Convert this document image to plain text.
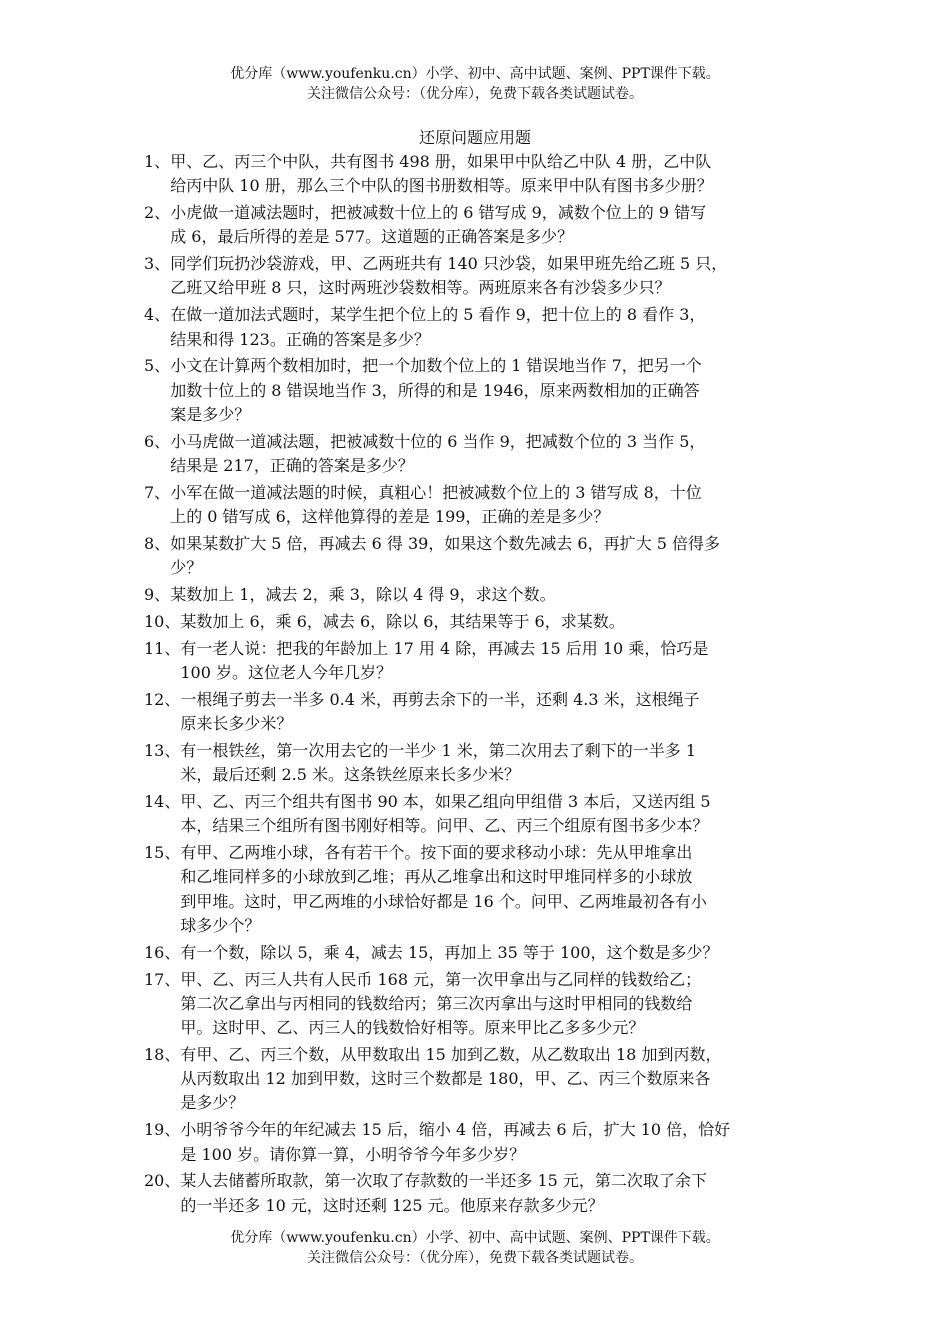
优分库（www.youfenku.cn）小学、初中、高中试题、案例、PPT课件下载。
关注微信公众号：（优分库），免费下载各类试题试卷。
还原问题应用题
1、 甲、乙、丙三个中队，共有图书 498 册，如果甲中队给乙中队 4 册，乙中队
给丙中队 10 册，那么三个中队的图书册数相等。原来甲中队有图书多少册？
2、 小虎做一道减法题时，把被减数十位上的 6 错写成 9，减数个位上的 9 错写
成 6，最后所得的差是 577。这道题的正确答案是多少？
3、 同学们玩扔沙袋游戏，甲、乙两班共有 140 只沙袋，如果甲班先给乙班 5 只，
乙班又给甲班 8 只，这时两班沙袋数相等。两班原来各有沙袋多少只？
4、 在做一道加法式题时，某学生把个位上的 5 看作 9，把十位上的 8 看作 3，
结果和得 123。正确的答案是多少？
5、 小文在计算两个数相加时，把一个加数个位上的 1 错误地当作 7，把另一个
加数十位上的 8 错误地当作 3，所得的和是 1946，原来两数相加的正确答
案是多少？
6、 小马虎做一道减法题，把被减数十位的 6 当作 9，把减数个位的 3 当作 5，
结果是 217，正确的答案是多少？
7、 小军在做一道减法题的时候，真粗心！把被减数个位上的 3 错写成 8，十位
上的 0 错写成 6，这样他算得的差是 199，正确的差是多少？
8、 如果某数扩大 5 倍，再减去 6 得 39，如果这个数先减去 6，再扩大 5 倍得多
少？
9、 某数加上 1，减去 2，乘 3，除以 4 得 9，求这个数。
10、 某数加上 6，乘 6，减去 6，除以 6，其结果等于 6，求某数。
11、 有一老人说：把我的年龄加上 17 用 4 除，再减去 15 后用 10 乘，恰巧是
100 岁。这位老人今年几岁？
12、 一根绳子剪去一半多 0.4 米，再剪去余下的一半，还剩 4.3 米，这根绳子
原来长多少米？
13、 有一根铁丝，第一次用去它的一半少 1 米，第二次用去了剩下的一半多 1
米，最后还剩 2.5 米。这条铁丝原来长多少米？
14、 甲、乙、丙三个组共有图书 90 本，如果乙组向甲组借 3 本后，又送丙组 5
本，结果三个组所有图书刚好相等。问甲、乙、丙三个组原有图书多少本？
15、 有甲、乙两堆小球，各有若干个。按下面的要求移动小球：先从甲堆拿出
和乙堆同样多的小球放到乙堆；再从乙堆拿出和这时甲堆同样多的小球放
到甲堆。这时，甲乙两堆的小球恰好都是 16 个。问甲、乙两堆最初各有小
球多少个？
16、 有一个数，除以 5，乘 4，减去 15，再加上 35 等于 100，这个数是多少？
17、 甲、乙、丙三人共有人民币 168 元，第一次甲拿出与乙同样的钱数给乙；
第二次乙拿出与丙相同的钱数给丙；第三次丙拿出与这时甲相同的钱数给
甲。这时甲、乙、丙三人的钱数恰好相等。原来甲比乙多多少元？
18、 有甲、乙、丙三个数，从甲数取出 15 加到乙数，从乙数取出 18 加到丙数，
从丙数取出 12 加到甲数，这时三个数都是 180，甲、乙、丙三个数原来各
是多少？
19、 小明爷爷今年的年纪减去 15 后，缩小 4 倍，再减去 6 后，扩大 10 倍，恰好
是 100 岁。请你算一算，小明爷爷今年多少岁？
20、 某人去储蓄所取款，第一次取了存款数的一半还多 15 元，第二次取了余下
的一半还多 10 元，这时还剩 125 元。他原来存款多少元？
优分库（www.youfenku.cn）小学、初中、高中试题、案例、PPT课件下载。
关注微信公众号：（优分库），免费下载各类试题试卷。
